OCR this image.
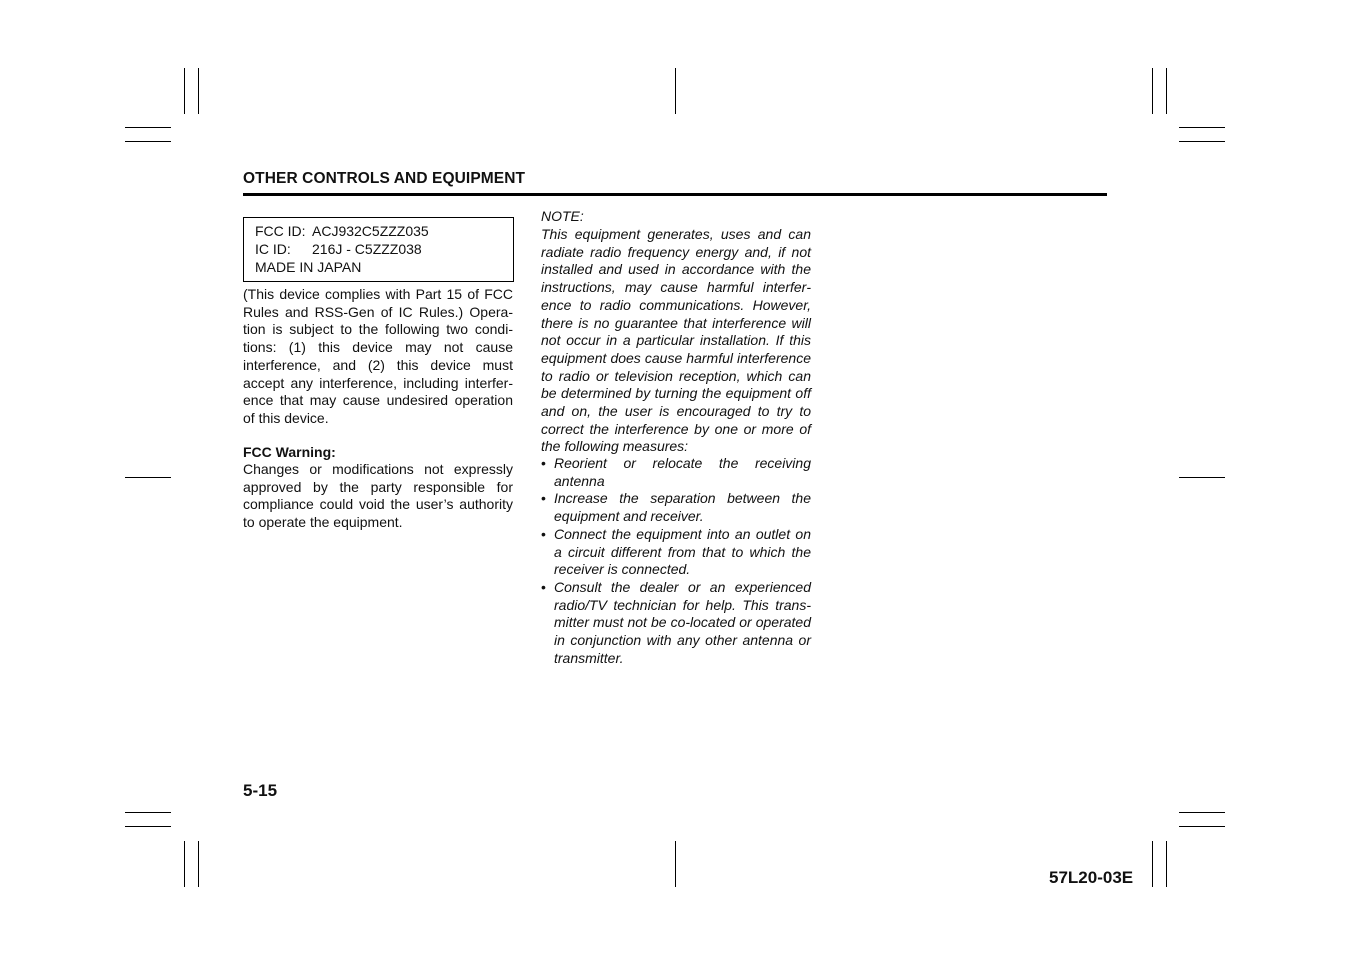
OTHER CONTROLS AND EQUIPMENT
FCC ID: ACJ932C5ZZZ035
IC ID: 216J - C5ZZZ038
MADE IN JAPAN
(This device complies with Part 15 of FCC Rules and RSS-Gen of IC Rules.) Operation is subject to the following two conditions: (1) this device may not cause interference, and (2) this device must accept any interference, including interference that may cause undesired operation of this device.
FCC Warning:
Changes or modifications not expressly approved by the party responsible for compliance could void the user’s authority to operate the equipment.
NOTE:
This equipment generates, uses and can radiate radio frequency energy and, if not installed and used in accordance with the instructions, may cause harmful interference to radio communications. However, there is no guarantee that interference will not occur in a particular installation. If this equipment does cause harmful interference to radio or television reception, which can be determined by turning the equipment off and on, the user is encouraged to try to correct the interference by one or more of the following measures:
• Reorient or relocate the receiving antenna
• Increase the separation between the equipment and receiver.
• Connect the equipment into an outlet on a circuit different from that to which the receiver is connected.
• Consult the dealer or an experienced radio/TV technician for help. This transmitter must not be co-located or operated in conjunction with any other antenna or transmitter.
5-15
57L20-03E
